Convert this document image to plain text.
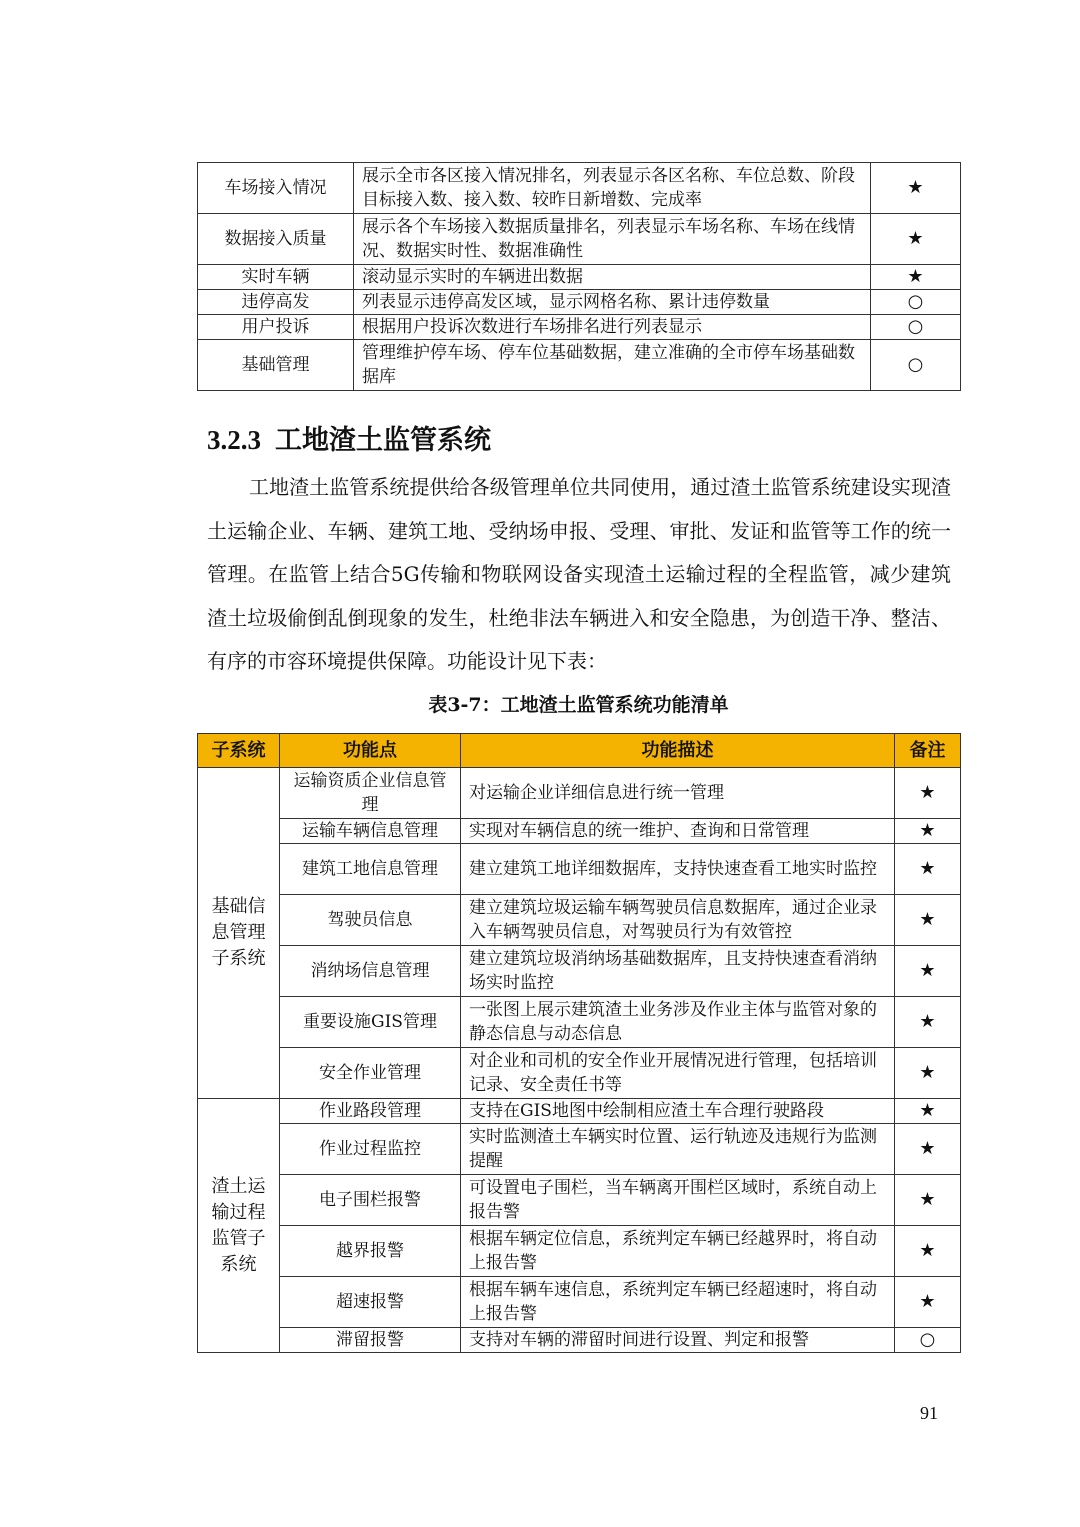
车场接入情况	展示全市各区接入情况排名，列表显示各区名称、车位总数、阶段目标接入数、接入数、较昨日新增数、完成率	★
数据接入质量	展示各个车场接入数据质量排名，列表显示车场名称、车场在线情况、数据实时性、数据准确性	★
实时车辆	滚动显示实时的车辆进出数据	★
违停高发	列表显示违停高发区域，显示网格名称、累计违停数量	○
用户投诉	根据用户投诉次数进行车场排名进行列表显示	○
基础管理	管理维护停车场、停车位基础数据，建立准确的全市停车场基础数据库	○
3.2.3 工地渣土监管系统

工地渣土监管系统提供给各级管理单位共同使用，通过渣土监管系统建设实现渣土运输企业、车辆、建筑工地、受纳场申报、受理、审批、发证和监管等工作的统一管理。在监管上结合5G传输和物联网设备实现渣土运输过程的全程监管，减少建筑渣土垃圾偷倒乱倒现象的发生，杜绝非法车辆进入和安全隐患，为创造干净、整洁、有序的市容环境提供保障。功能设计见下表：

表3-7：工地渣土监管系统功能清单

子系统	功能点	功能描述	备注
基础信息管理子系统	运输资质企业信息管理	对运输企业详细信息进行统一管理	★
	运输车辆信息管理	实现对车辆信息的统一维护、查询和日常管理	★
	建筑工地信息管理	建立建筑工地详细数据库，支持快速查看工地实时监控	★
	驾驶员信息	建立建筑垃圾运输车辆驾驶员信息数据库，通过企业录入车辆驾驶员信息，对驾驶员行为有效管控	★
	消纳场信息管理	建立建筑垃圾消纳场基础数据库，且支持快速查看消纳场实时监控	★
	重要设施GIS管理	一张图上展示建筑渣土业务涉及作业主体与监管对象的静态信息与动态信息	★
	安全作业管理	对企业和司机的安全作业开展情况进行管理，包括培训记录、安全责任书等	★
渣土运输过程监管子系统	作业路段管理	支持在GIS地图中绘制相应渣土车合理行驶路段	★
	作业过程监控	实时监测渣土车辆实时位置、运行轨迹及违规行为监测提醒	★
	电子围栏报警	可设置电子围栏，当车辆离开围栏区域时，系统自动上报告警	★
	越界报警	根据车辆定位信息，系统判定车辆已经越界时，将自动上报告警	★
	超速报警	根据车辆车速信息，系统判定车辆已经超速时，将自动上报告警	★
	滞留报警	支持对车辆的滞留时间进行设置、判定和报警	○

91
